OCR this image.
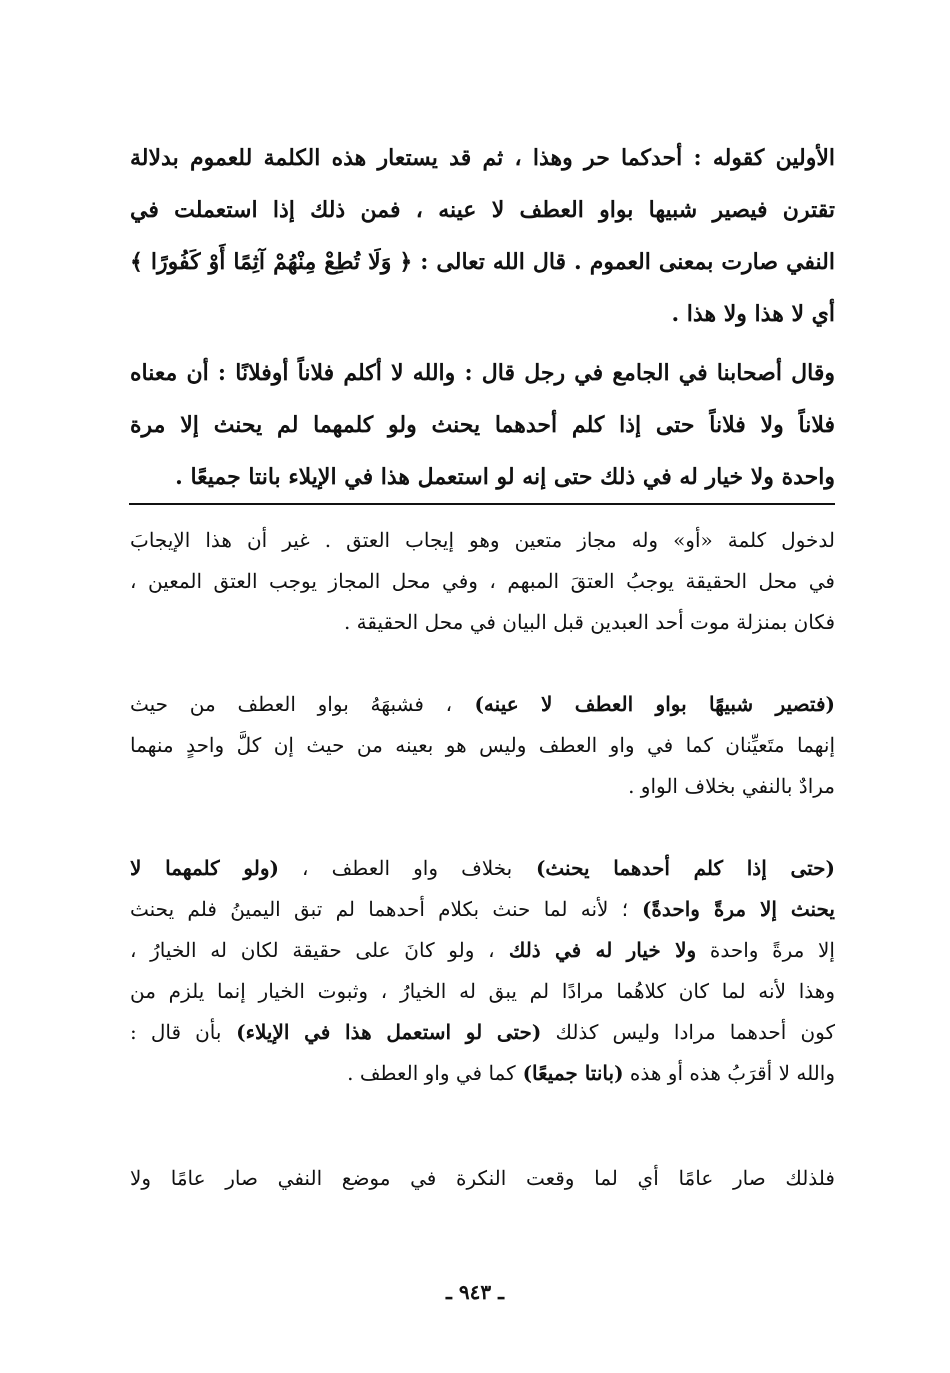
الأولين كقوله : أحدكما حر وهذا ، ثم قد يستعار هذه الكلمة للعموم بدلالة

تقترن فيصير شبيها بواو العطف لا عينه ، فمن ذلك إذا استعملت في

النفي صارت بمعنى العموم . قال الله تعالى : ﴿ وَلَا تُطِعْ مِنْهُمْ آثِمًا أَوْ كَفُورًا ﴾

أي لا هذا ولا هذا .

وقال أصحابنا في الجامع في رجل قال : والله لا أكلم فلاناً أوفلانًا : أن معناه

فلاناً ولا فلاناً حتى إذا كلم أحدهما يحنث ولو كلمهما لم يحنث إلا مرة

واحدة ولا خيار له في ذلك حتى إنه لو استعمل هذا في الإيلاء بانتا جميعًا .

لدخول كلمة «أو» وله مجاز متعين وهو إيجاب العتق . غير أن هذا الإيجابَ

في محل الحقيقة يوجبُ العتقَ المبهم ، وفي محل المجاز يوجب العتق المعين ،

فكان بمنزلة موت أحد العبدين قبل البيان في محل الحقيقة .

(فتصير شبيهًا بواو العطف لا عينه) ، فشبهَهُ بواو العطف من حيث

إنهما متَعيِّنان كما في واو العطف وليس هو بعينه من حيث إن كلَّ واحدٍ منهما

مرادٌ بالنفي بخلاف الواو .

(حتى إذا كلم أحدهما يحنث) بخلاف واو العطف ، (ولو كلمهما لا

يحنث إلا مرةً واحدةً) ؛ لأنه لما حنث بكلام أحدهما لم تبق اليمينُ فلم يحنث

إلا مرةً واحدة ولا خيار له في ذلك ، ولو كانَ على حقيقة لكان له الخيارُ ،

وهذا لأنه لما كان كلاهُما مرادًا لم يبق له الخيارُ ، وثبوت الخيار إنما يلزم من

كون أحدهما مرادا وليس كذلك (حتى لو استعمل هذا في الإيلاء) بأن قال :

والله لا أقرَبُ هذه أو هذه (بانتا جميعًا) كما في واو العطف .

فلذلك صار عامًا أي لما وقعت النكرة في موضع النفي صار عامًا ولا

ـ ٩٤٣ ـ
